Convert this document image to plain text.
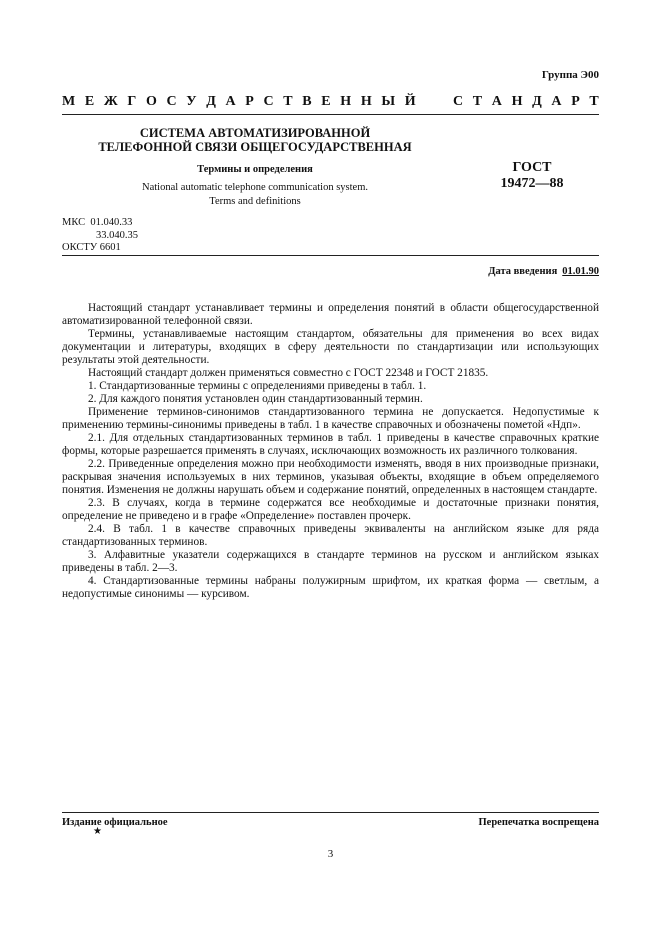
Группа Э00
М Е Ж Г О С У Д А Р С Т В Е Н Н Ы Й	С Т А Н Д А Р Т
СИСТЕМА АВТОМАТИЗИРОВАННОЙ
ТЕЛЕФОННОЙ СВЯЗИ ОБЩЕГОСУДАРСТВЕННАЯ
Термины и определения
National automatic telephone communication system.
Terms and definitions
ГОСТ
19472—88
МКС 01.040.33
33.040.35
ОКСТУ 6601
Дата введения 01.01.90

Настоящий стандарт устанавливает термины и определения понятий в области общегосударственной автоматизированной телефонной связи.

Термины, устанавливаемые настоящим стандартом, обязательны для применения во всех видах документации и литературы, входящих в сферу деятельности по стандартизации или использующих результаты этой деятельности.

Настоящий стандарт должен применяться совместно с ГОСТ 22348 и ГОСТ 21835.

1. Стандартизованные термины с определениями приведены в табл. 1.

2. Для каждого понятия установлен один стандартизованный термин.

Применение терминов-синонимов стандартизованного термина не допускается. Недопустимые к применению термины-синонимы приведены в табл. 1 в качестве справочных и обозначены пометой «Ндп».

2.1. Для отдельных стандартизованных терминов в табл. 1 приведены в качестве справочных краткие формы, которые разрешается применять в случаях, исключающих возможность их различного толкования.

2.2. Приведенные определения можно при необходимости изменять, вводя в них производные признаки, раскрывая значения используемых в них терминов, указывая объекты, входящие в объем определяемого понятия. Изменения не должны нарушать объем и содержание понятий, определенных в настоящем стандарте.

2.3. В случаях, когда в термине содержатся все необходимые и достаточные признаки понятия, определение не приведено и в графе «Определение» поставлен прочерк.

2.4. В табл. 1 в качестве справочных приведены эквиваленты на английском языке для ряда стандартизованных терминов.

3. Алфавитные указатели содержащихся в стандарте терминов на русском и английском языках приведены в табл. 2—3.

4. Стандартизованные термины набраны полужирным шрифтом, их краткая форма — светлым, а недопустимые синонимы — курсивом.

Издание официальное
★
Перепечатка воспрещена
3
